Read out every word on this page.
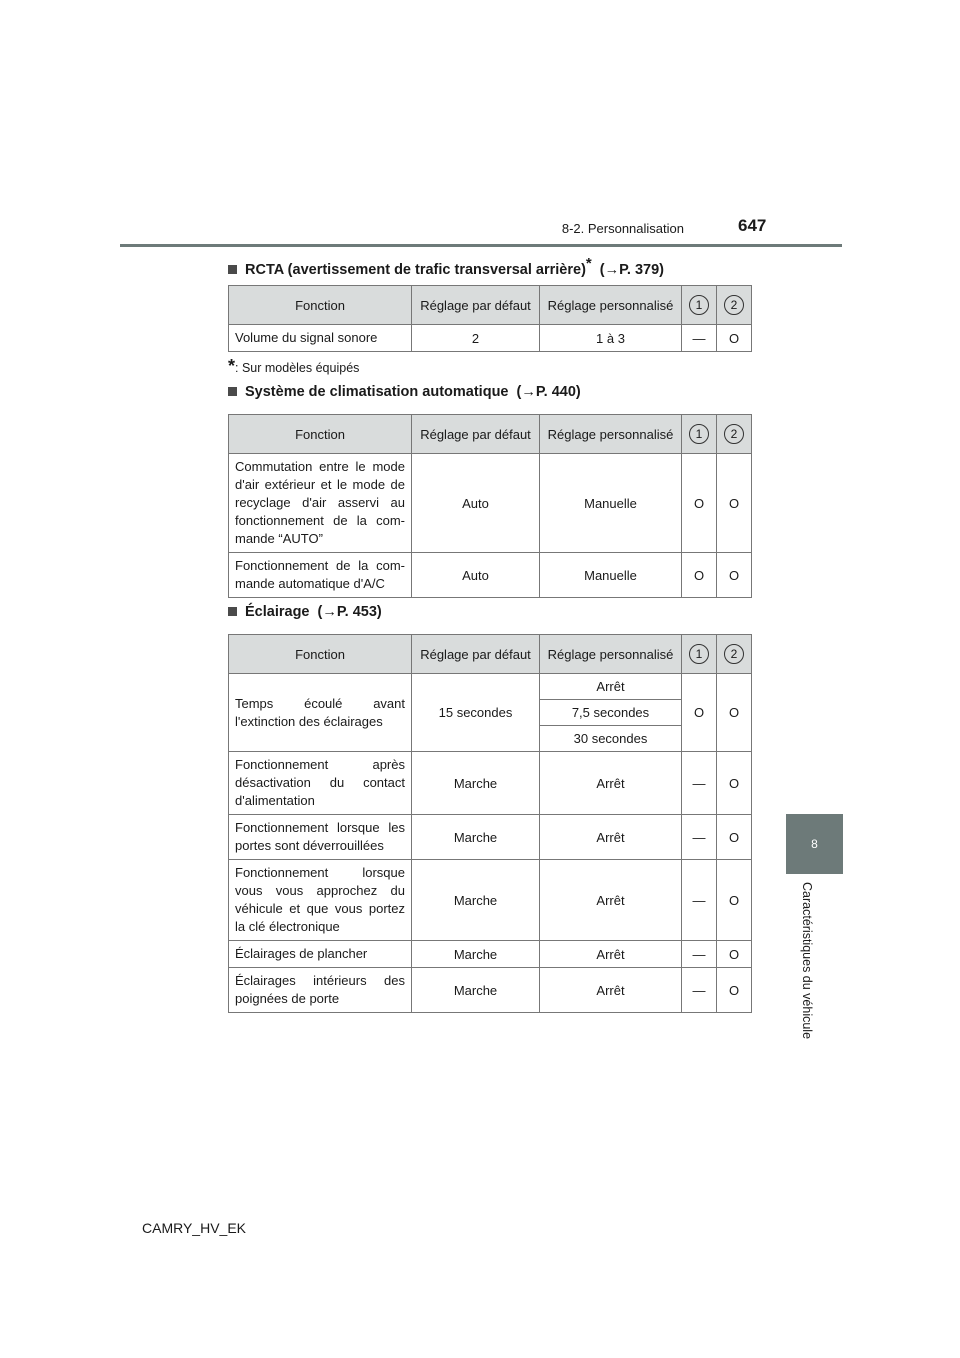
8-2. Personnalisation	647
8
Caractéristiques du véhicule
RCTA (avertissement de trafic transversal arrière)* (→P. 379)
Fonction	Réglage par défaut	Réglage personnalisé	1	2
Volume du signal sonore	2	1 à 3	—	O
*: Sur modèles équipés
Système de climatisation automatique (→P. 440)
Fonction	Réglage par défaut	Réglage personnalisé	1	2
Commutation entre le mode d'air extérieur et le mode de recyclage d'air asservi au fonctionnement de la com-mande “AUTO”	Auto	Manuelle	O	O
Fonctionnement de la com-mande automatique d'A/C	Auto	Manuelle	O	O
Éclairage (→P. 453)
Fonction	Réglage par défaut	Réglage personnalisé	1	2
Temps écoulé avant l'extinction des éclairages	15 secondes	Arrêt	O	O
		7,5 secondes		
		30 secondes		
Fonctionnement après désactivation du contact d'alimentation	Marche	Arrêt	—	O
Fonctionnement lorsque les portes sont déverrouillées	Marche	Arrêt	—	O
Fonctionnement lorsque vous vous approchez du véhicule et que vous portez la clé électronique	Marche	Arrêt	—	O
Éclairages de plancher	Marche	Arrêt	—	O
Éclairages intérieurs des poignées de porte	Marche	Arrêt	—	O
CAMRY_HV_EK
